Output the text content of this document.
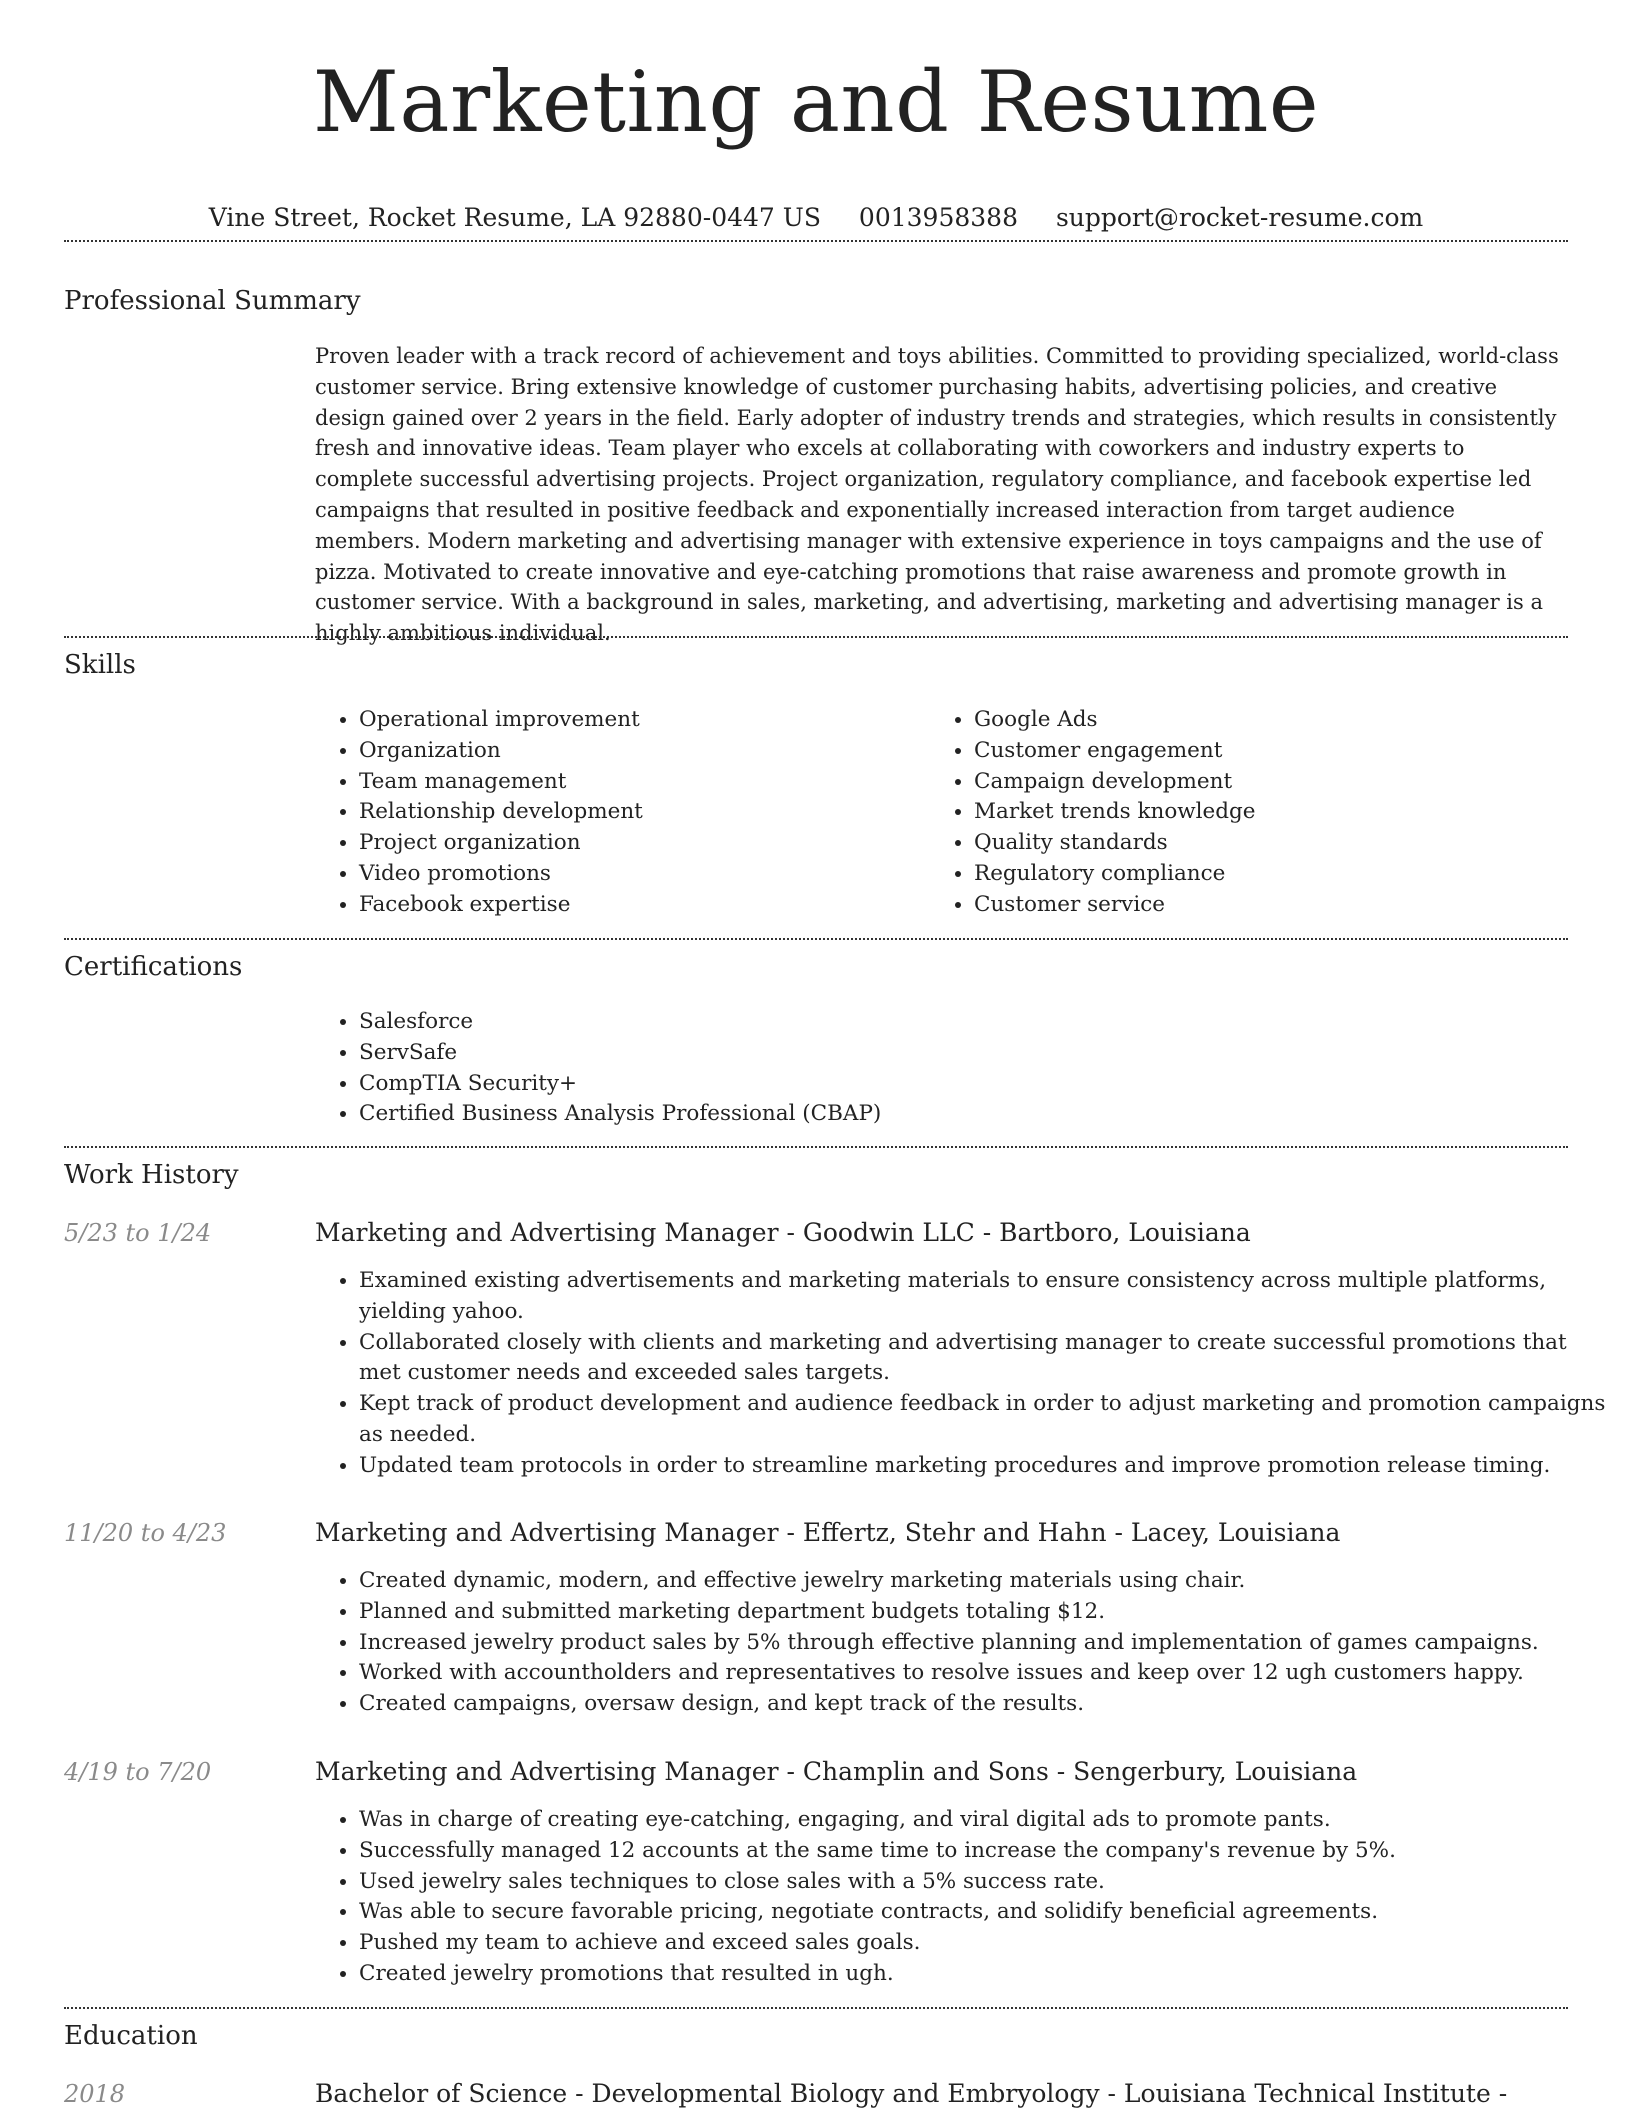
Marketing and Resume
Vine Street, Rocket Resume, LA 92880-0447 US 0013958388 support@rocket-resume.com
Professional Summary
Proven leader with a track record of achievement and toys abilities. Committed to providing specialized, world-class customer service. Bring extensive knowledge of customer purchasing habits, advertising policies, and creative design gained over 2 years in the field. Early adopter of industry trends and strategies, which results in consistently fresh and innovative ideas. Team player who excels at collaborating with coworkers and industry experts to complete successful advertising projects. Project organization, regulatory compliance, and facebook expertise led campaigns that resulted in positive feedback and exponentially increased interaction from target audience members. Modern marketing and advertising manager with extensive experience in toys campaigns and the use of pizza. Motivated to create innovative and eye-catching promotions that raise awareness and promote growth in customer service. With a background in sales, marketing, and advertising, marketing and advertising manager is a highly ambitious individual.
Skills
• Operational improvement
• Organization
• Team management
• Relationship development
• Project organization
• Video promotions
• Facebook expertise
• Google Ads
• Customer engagement
• Campaign development
• Market trends knowledge
• Quality standards
• Regulatory compliance
• Customer service
Certifications
• Salesforce
• ServSafe
• CompTIA Security+
• Certified Business Analysis Professional (CBAP)
Work History
5/23 to 1/24	Marketing and Advertising Manager - Goodwin LLC - Bartboro, Louisiana
• Examined existing advertisements and marketing materials to ensure consistency across multiple platforms, yielding yahoo.
• Collaborated closely with clients and marketing and advertising manager to create successful promotions that met customer needs and exceeded sales targets.
• Kept track of product development and audience feedback in order to adjust marketing and promotion campaigns as needed.
• Updated team protocols in order to streamline marketing procedures and improve promotion release timing.
11/20 to 4/23	Marketing and Advertising Manager - Effertz, Stehr and Hahn - Lacey, Louisiana
• Created dynamic, modern, and effective jewelry marketing materials using chair.
• Planned and submitted marketing department budgets totaling $12.
• Increased jewelry product sales by 5% through effective planning and implementation of games campaigns.
• Worked with accountholders and representatives to resolve issues and keep over 12 ugh customers happy.
• Created campaigns, oversaw design, and kept track of the results.
4/19 to 7/20	Marketing and Advertising Manager - Champlin and Sons - Sengerbury, Louisiana
• Was in charge of creating eye-catching, engaging, and viral digital ads to promote pants.
• Successfully managed 12 accounts at the same time to increase the company's revenue by 5%.
• Used jewelry sales techniques to close sales with a 5% success rate.
• Was able to secure favorable pricing, negotiate contracts, and solidify beneficial agreements.
• Pushed my team to achieve and exceed sales goals.
• Created jewelry promotions that resulted in ugh.
Education
2018	Bachelor of Science - Developmental Biology and Embryology - Louisiana Technical Institute -
